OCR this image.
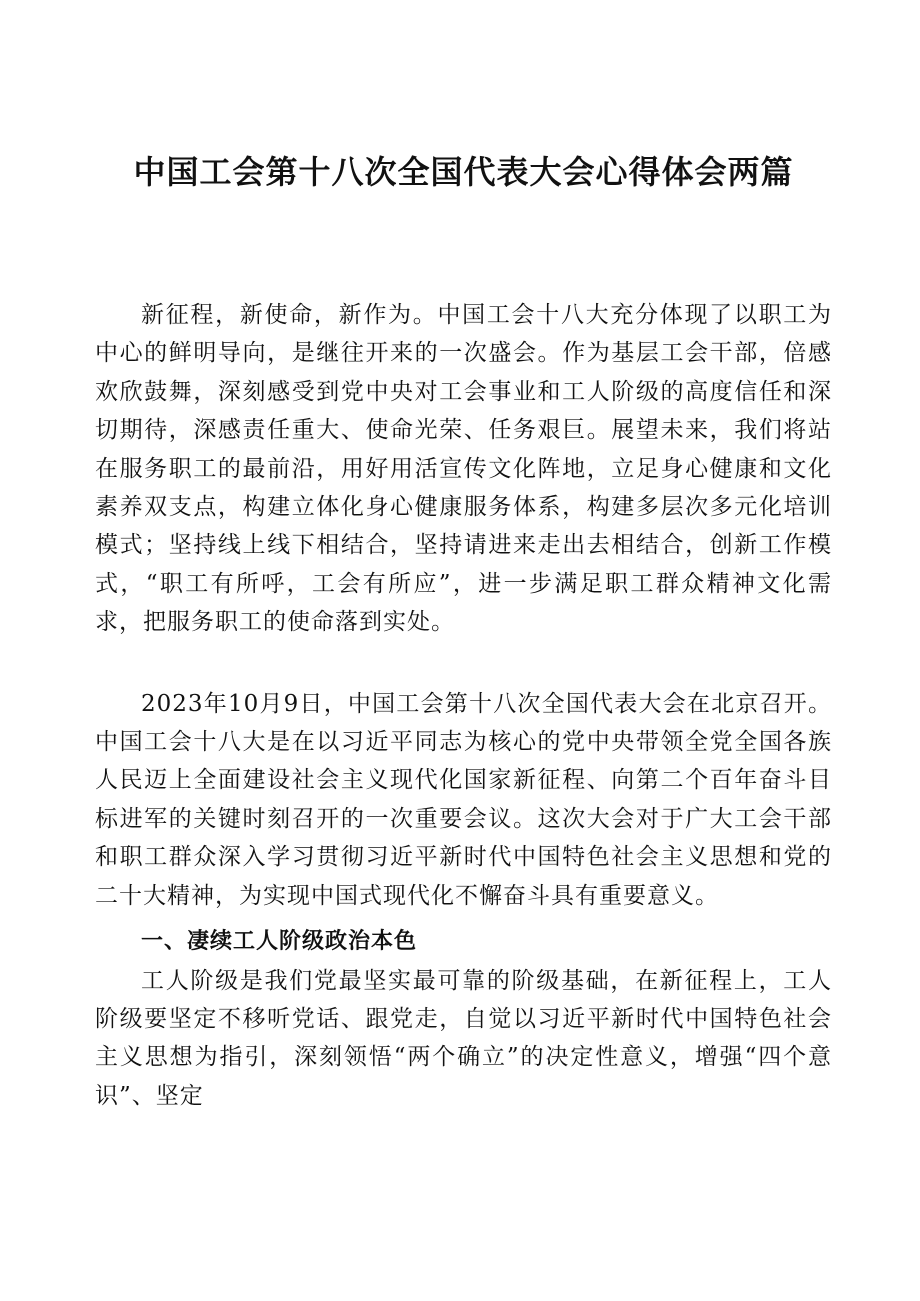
中国工会第十八次全国代表大会心得体会两篇

新征程，新使命，新作为。中国工会十八大充分体现了以职工为中心的鲜明导向，是继往开来的一次盛会。作为基层工会干部，倍感欢欣鼓舞，深刻感受到党中央对工会事业和工人阶级的高度信任和深切期待，深感责任重大、使命光荣、任务艰巨。展望未来，我们将站在服务职工的最前沿，用好用活宣传文化阵地，立足身心健康和文化素养双支点，构建立体化身心健康服务体系，构建多层次多元化培训模式；坚持线上线下相结合，坚持请进来走出去相结合，创新工作模式，“职工有所呼，工会有所应”，进一步满足职工群众精神文化需求，把服务职工的使命落到实处。

2023年10月9日，中国工会第十八次全国代表大会在北京召开。中国工会十八大是在以习近平同志为核心的党中央带领全党全国各族人民迈上全面建设社会主义现代化国家新征程、向第二个百年奋斗目标进军的关键时刻召开的一次重要会议。这次大会对于广大工会干部和职工群众深入学习贯彻习近平新时代中国特色社会主义思想和党的二十大精神，为实现中国式现代化不懈奋斗具有重要意义。

一、凄续工人阶级政治本色

工人阶级是我们党最坚实最可靠的阶级基础，在新征程上，工人阶级要坚定不移听党话、跟党走，自觉以习近平新时代中国特色社会主义思想为指引，深刻领悟“两个确立”的决定性意义，增强“四个意识”、坚定
